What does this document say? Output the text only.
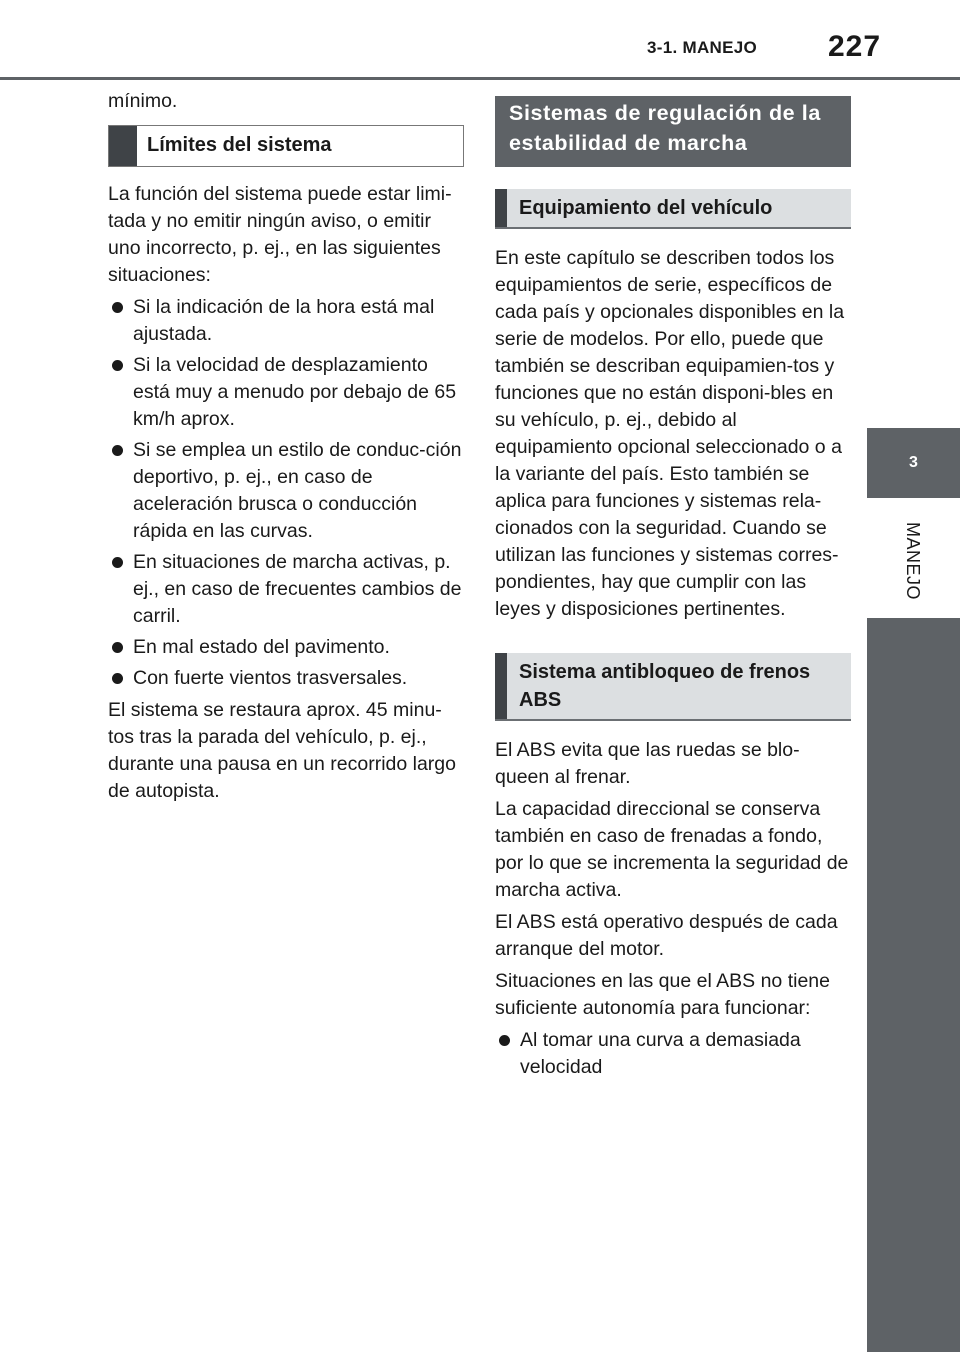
3-1. MANEJO 227
3
MANEJO

mínimo.

Límites del sistema

La función del sistema puede estar limi-tada y no emitir ningún aviso, o emitir uno incorrecto, p. ej., en las siguientes situaciones:

Si la indicación de la hora está mal ajustada.
Si la velocidad de desplazamiento está muy a menudo por debajo de 65 km/h aprox.
Si se emplea un estilo de conduc-ción deportivo, p. ej., en caso de aceleración brusca o conducción rápida en las curvas.
En situaciones de marcha activas, p. ej., en caso de frecuentes cambios de carril.
En mal estado del pavimento.
Con fuerte vientos trasversales.

El sistema se restaura aprox. 45 minu-tos tras la parada del vehículo, p. ej., durante una pausa en un recorrido largo de autopista.

Sistemas de regulación de la estabilidad de marcha
Equipamiento del vehículo

En este capítulo se describen todos los equipamientos de serie, específicos de cada país y opcionales disponibles en la serie de modelos. Por ello, puede que también se describan equipamien-tos y funciones que no están disponi-bles en su vehículo, p. ej., debido al equipamiento opcional seleccionado o a la variante del país. Esto también se aplica para funciones y sistemas rela-cionados con la seguridad. Cuando se utilizan las funciones y sistemas corres-pondientes, hay que cumplir con las leyes y disposiciones pertinentes.

Sistema antibloqueo de frenos ABS

El ABS evita que las ruedas se blo-queen al frenar.

La capacidad direccional se conserva también en caso de frenadas a fondo, por lo que se incrementa la seguridad de marcha activa.

El ABS está operativo después de cada arranque del motor.

Situaciones en las que el ABS no tiene suficiente autonomía para funcionar:

Al tomar una curva a demasiada velocidad
